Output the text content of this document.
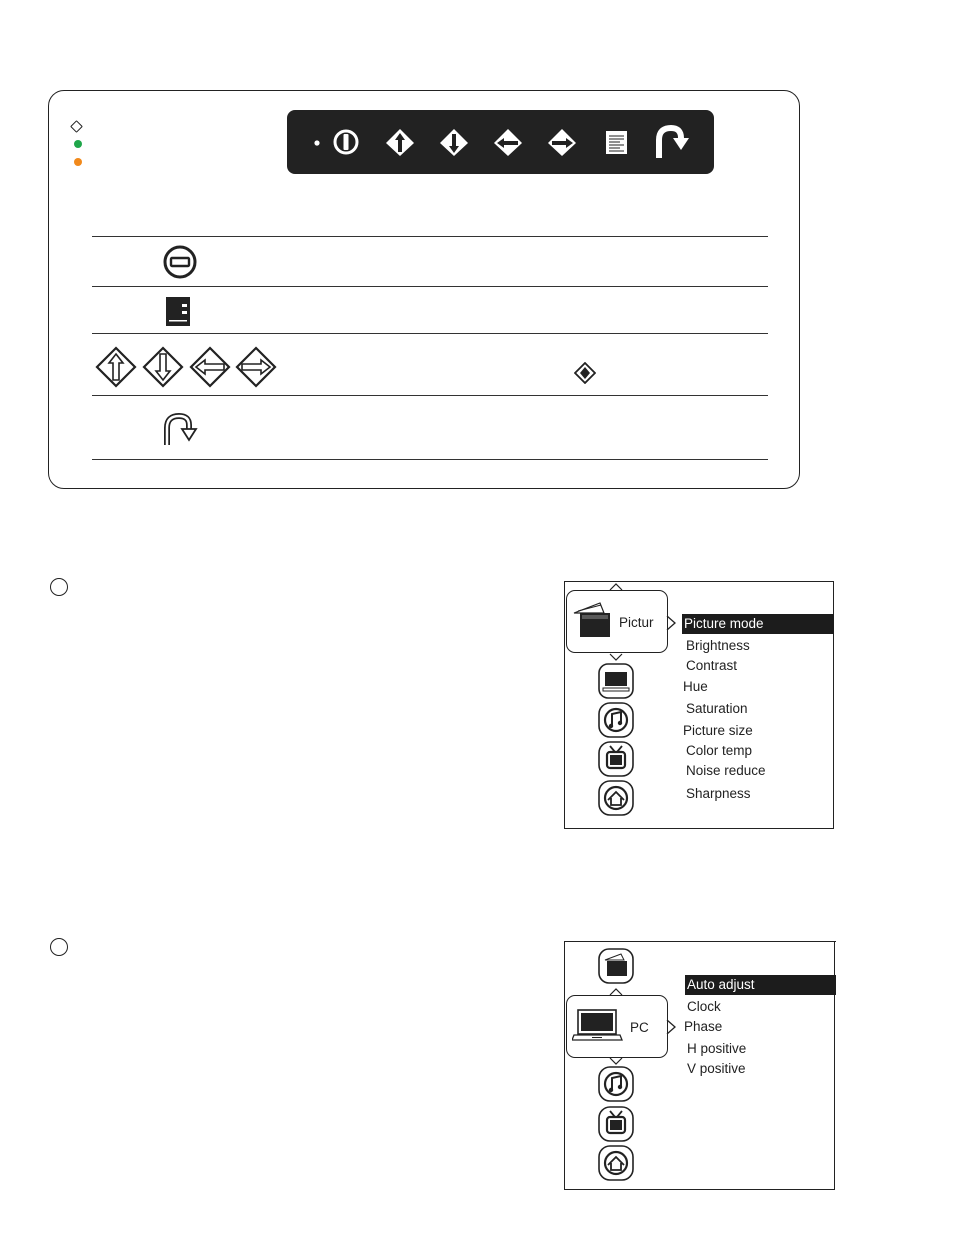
Picture mode
Brightness
Contrast
Hue
Saturation
Picture size
Color temp
Noise reduce
Sharpness
Pictur
Auto adjust
Clock
Phase
H positive
V positive
PC
